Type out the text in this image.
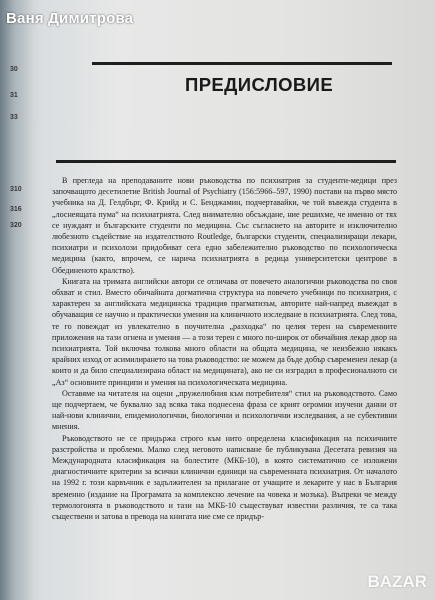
30
31
33
310
316
320
Ваня Димитрова
ПРЕДИСЛОВИЕ

В прегледа на преподаваните нови ръководства по психиатрия за студенти-медици през започващото десетилетие British Journal of Psychiatry (156:5966–597, 1990) постави на първо място учебника на Д. Гелдбърг, Ф. Крийд и С. Бенджамин, подчертавайки, че той въвежда студента в „лоснеящата пума“ на психиатрията. След внимателно обсъждане, ние решихме, че именно от тях се нуждаят и българските студенти по медицина. Със съгласието на авторите и изключително любезното съдействие на издателството Routledge, български студенти, специализиращи лекари, психиатри и психолози придобиват сега едно забележително ръководство по психологическа медицина (както, впрочем, се нарича психиатрията в редица университетски центрове в Обединеното кралство).

Книгата на тримата английски автори се отличава от повечето аналогични ръководства по своя обхват и стил. Вместо обичайната догматична структура на повечето учебници по психиатрия, с характерен за английската медицинска традиция прагматизъм, авторите най-напред въвеждат в обучаващия се научно и практически умения на клиничното изследване в психиатрията. След това, те го повеждат из увлекателно в поучителна „разходка“ по целия терен на съвременните приложения на тази огнена и умения — а този терен с много по-широк от обичайния лекар двор на психиатрията. Той включва толкова много области на общата медицина, че неизбежно някакъ крайних изход от асимилирането на това ръководство: не можем да бъде добър съвременен лекар (а които и да било специализирана област на медицината), ако не си изградил в професионалното си „Аз“ основните принципи и умения на психологическата медицина.

Оставяме на читателя на оцени „пружелюбния към потребителя“ стил на ръководството. Само ще подчертаем, че буквално зад всяка така поднесена фраза се крият огромни изучени данни от най-нови клинични, епидемиологични, биологични и психологични изследвания, а не субективни мнения.

Ръководството не се придържа строго към нито определена класификация на психичните разстройства и проблеми. Малко след неговото написване бе публикувана Десетата ревизия на Международната класификация на болестите (МКБ-10), в която систематично се изложени диагностичните критерии за всички клинични единици на съвременната психиатрия. От началото на 1992 г. този карвъчник е задължителен за прилагане от учащите и лекарите у нас в България временно (издание на Програмата за комплексно лечение на човека и мозъка). Въпреки че между термологоията в ръководството и тази на МКБ-10 съществуват известни различия, те са така съществени и затова в превода на книгата ние сме се придър-

BAZAR
